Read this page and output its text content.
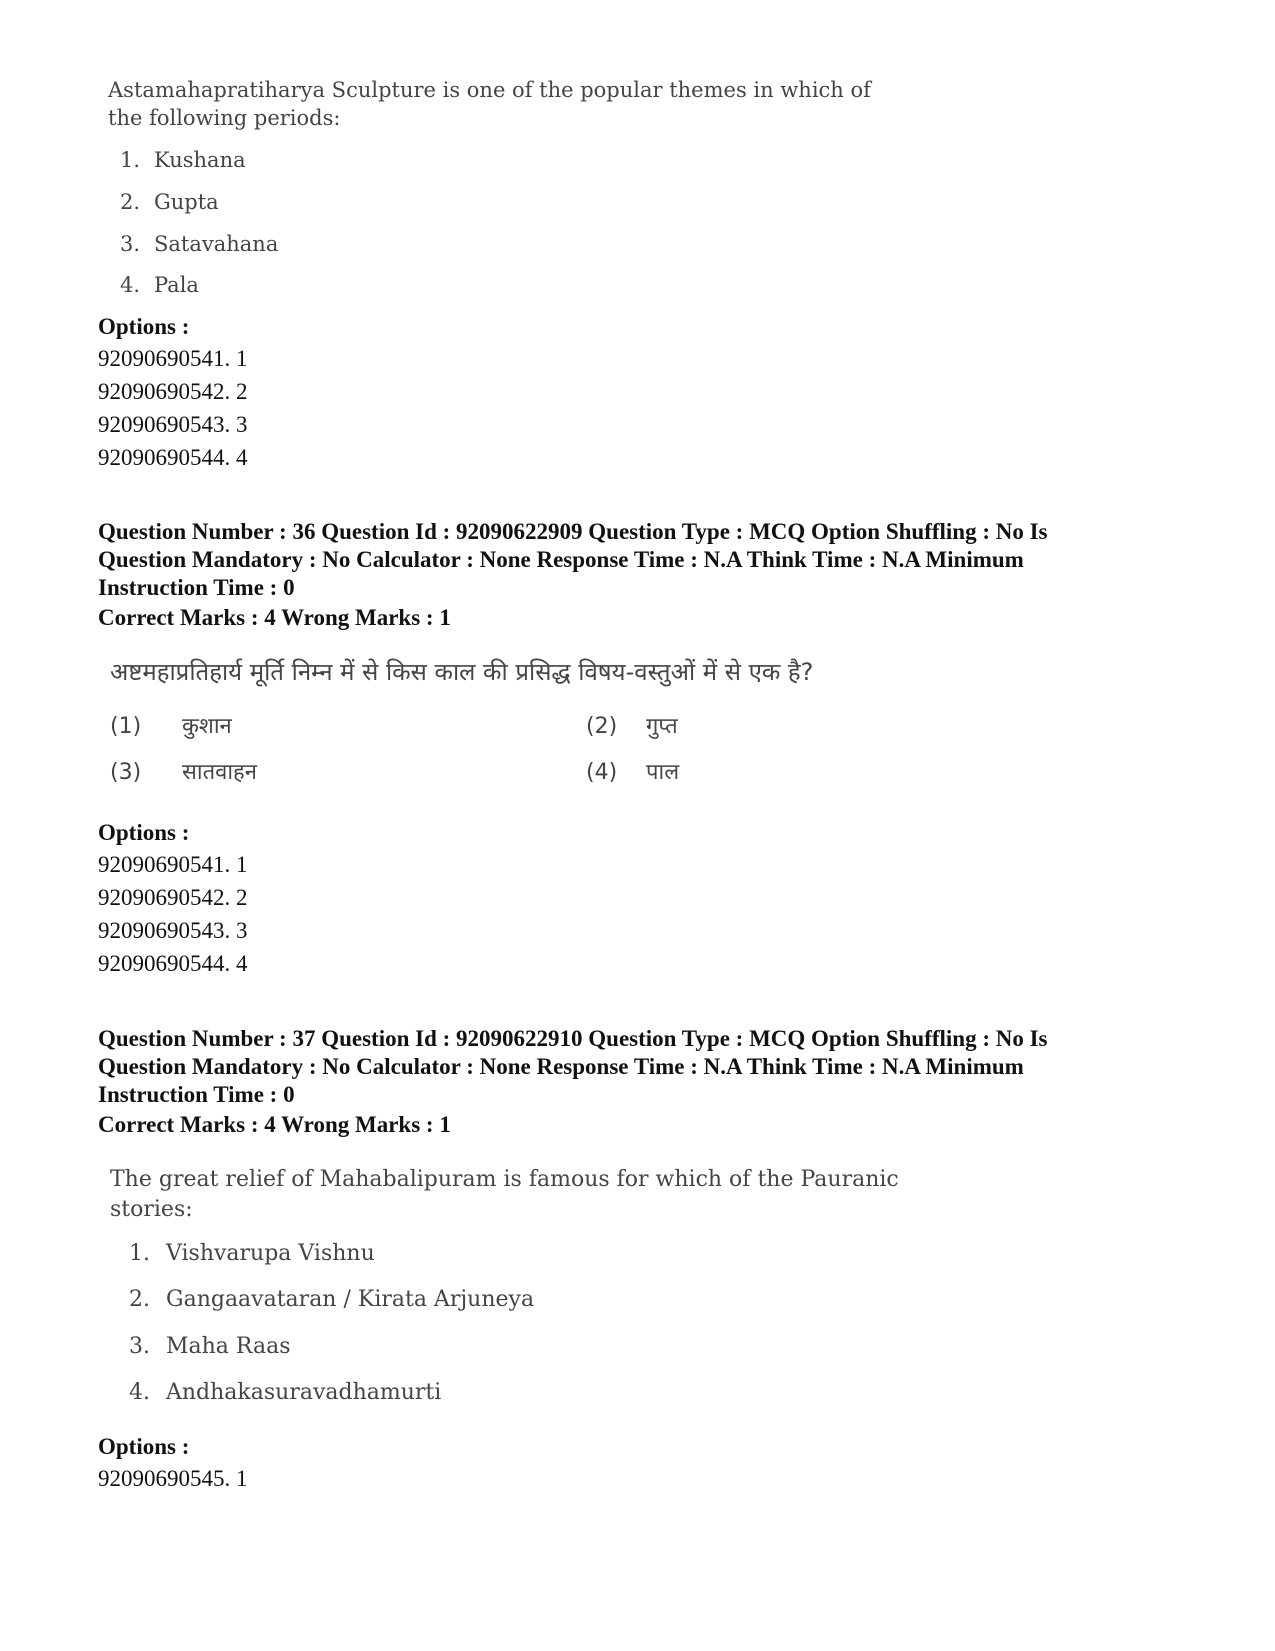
Astamahapratiharya Sculpture is one of the popular themes in which of

the following periods:

1. Kushana
2. Gupta
3. Satavahana
4. Pala
Options :
92090690541. 1
92090690542. 2
92090690543. 3
92090690544. 4
Question Number : 36 Question Id : 92090622909 Question Type : MCQ Option Shuffling : No Is
Question Mandatory : No Calculator : None Response Time : N.A Think Time : N.A Minimum
Instruction Time : 0
Correct Marks : 4 Wrong Marks : 1
अष्टमहाप्रतिहार्य मूर्ति निम्न में से किस काल की प्रसिद्ध विषय-वस्तुओं में से एक है?
(1) कुशान	(2) गुप्त
(3) सातवाहन	(4) पाल
Options :
92090690541. 1
92090690542. 2
92090690543. 3
92090690544. 4
Question Number : 37 Question Id : 92090622910 Question Type : MCQ Option Shuffling : No Is
Question Mandatory : No Calculator : None Response Time : N.A Think Time : N.A Minimum
Instruction Time : 0
Correct Marks : 4 Wrong Marks : 1

The great relief of Mahabalipuram is famous for which of the Pauranic

stories:

1. Vishvarupa Vishnu
2. Gangaavataran / Kirata Arjuneya
3. Maha Raas
4. Andhakasuravadhamurti
Options :
92090690545. 1
